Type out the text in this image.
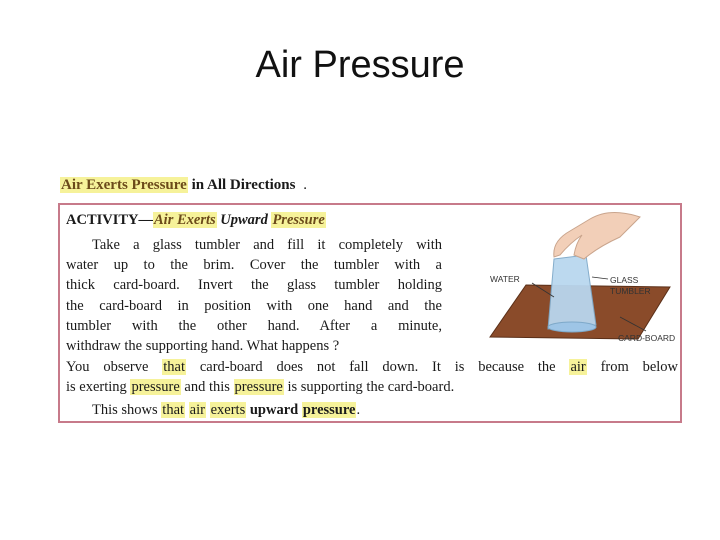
Air Pressure
Air Exerts Pressure in All Directions .
ACTIVITY—Air Exerts Upward Pressure
Take a glass tumbler and fill it completely with
water up to the brim. Cover the tumbler with a
thick card-board. Invert the glass tumbler holding
the card-board in position with one hand and the
tumbler with the other hand. After a minute,
withdraw the supporting hand. What happens ?
You observe that card-board does not fall down. It is because the air from below
is exerting pressure and this pressure is supporting the card-board.
This shows that air exerts upward pressure.
WATER	GLASS
TUMBLER
CARD-BOARD
